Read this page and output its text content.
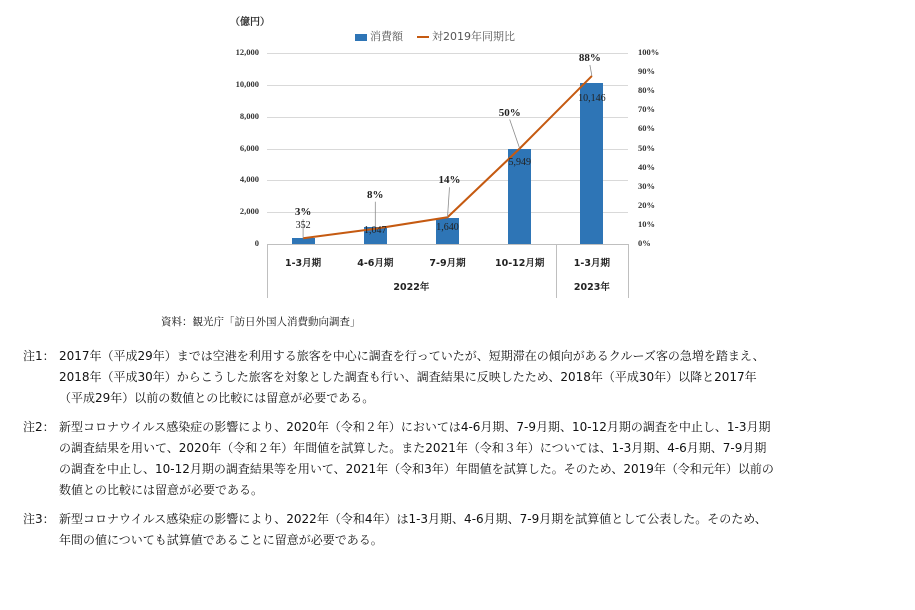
（億円）
消費額	対2019年同期比
0
2,000
4,000
6,000
8,000
10,000
12,000
0%
10%
20%
30%
40%
50%
60%
70%
80%
90%
100%
3%
352
8%
1,047
14%
1,640
50%
5,949
88%
10,146
1-3月期	4-6月期	7-9月期	10-12月期	1-3月期
2022年	2023年
資料：観光庁「訪日外国人消費動向調査」
注1： 2017年（平成29年）までは空港を利用する旅客を中心に調査を行っていたが、短期滞在の傾向があるクルーズ客の急増を踏まえ、
2018年（平成30年）からこうした旅客を対象とした調査も行い、調査結果に反映したため、2018年（平成30年）以降と2017年
（平成29年）以前の数値との比較には留意が必要である。
注2： 新型コロナウイルス感染症の影響により、2020年（令和２年）においては4-6月期、7-9月期、10-12月期の調査を中止し、1-3月期
の調査結果を用いて、2020年（令和２年）年間値を試算した。また2021年（令和３年）については、1-3月期、4-6月期、7-9月期
の調査を中止し、10-12月期の調査結果等を用いて、2021年（令和3年）年間値を試算した。そのため、2019年（令和元年）以前の
数値との比較には留意が必要である。
注3： 新型コロナウイルス感染症の影響により、2022年（令和4年）は1-3月期、4-6月期、7-9月期を試算値として公表した。そのため、
年間の値についても試算値であることに留意が必要である。
